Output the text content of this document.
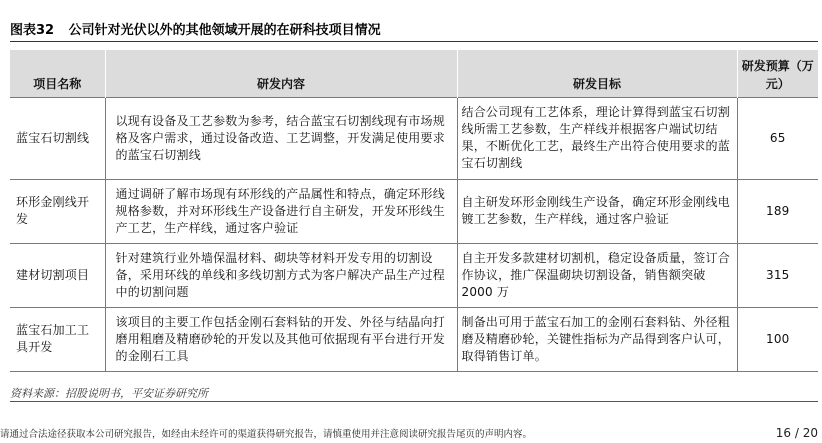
图表32 公司针对光伏以外的其他领域开展的在研科技项目情况
项目名称	研发内容	研发目标	研发预算（万元）
蓝宝石切割线	以现有设备及工艺参数为参考，结合蓝宝石切割线现有市场规格及客户需求，通过设备改造、工艺调整，开发满足使用要求的蓝宝石切割线	结合公司现有工艺体系，理论计算得到蓝宝石切割线所需工艺参数，生产样线并根据客户端试切结果，不断优化工艺，最终生产出符合使用要求的蓝宝石切割线	65
环形金刚线开发	通过调研了解市场现有环形线的产品属性和特点，确定环形线规格参数，并对环形线生产设备进行自主研发，开发环形线生产工艺，生产样线，通过客户验证	自主研发环形金刚线生产设备，确定环形金刚线电镀工艺参数，生产样线，通过客户验证	189
建材切割项目	针对建筑行业外墙保温材料、砌块等材料开发专用的切割设备，采用环线的单线和多线切割方式为客户解决产品生产过程中的切割问题	自主开发多款建材切割机，稳定设备质量，签订合作协议，推广保温砌块切割设备，销售额突破 2000 万	315
蓝宝石加工工具开发	该项目的主要工作包括金刚石套料钻的开发、外径与结晶向打磨用粗磨及精磨砂轮的开发以及其他可依据现有平台进行开发的金刚石工具	制备出可用于蓝宝石加工的金刚石套料钻、外径粗磨及精磨砂轮，关键性指标为产品得到客户认可，取得销售订单。	100
资料来源：招股说明书，平安证券研究所
请通过合法途径获取本公司研究报告，如经由未经许可的渠道获得研究报告，请慎重使用并注意阅读研究报告尾页的声明内容。	16 / 20
